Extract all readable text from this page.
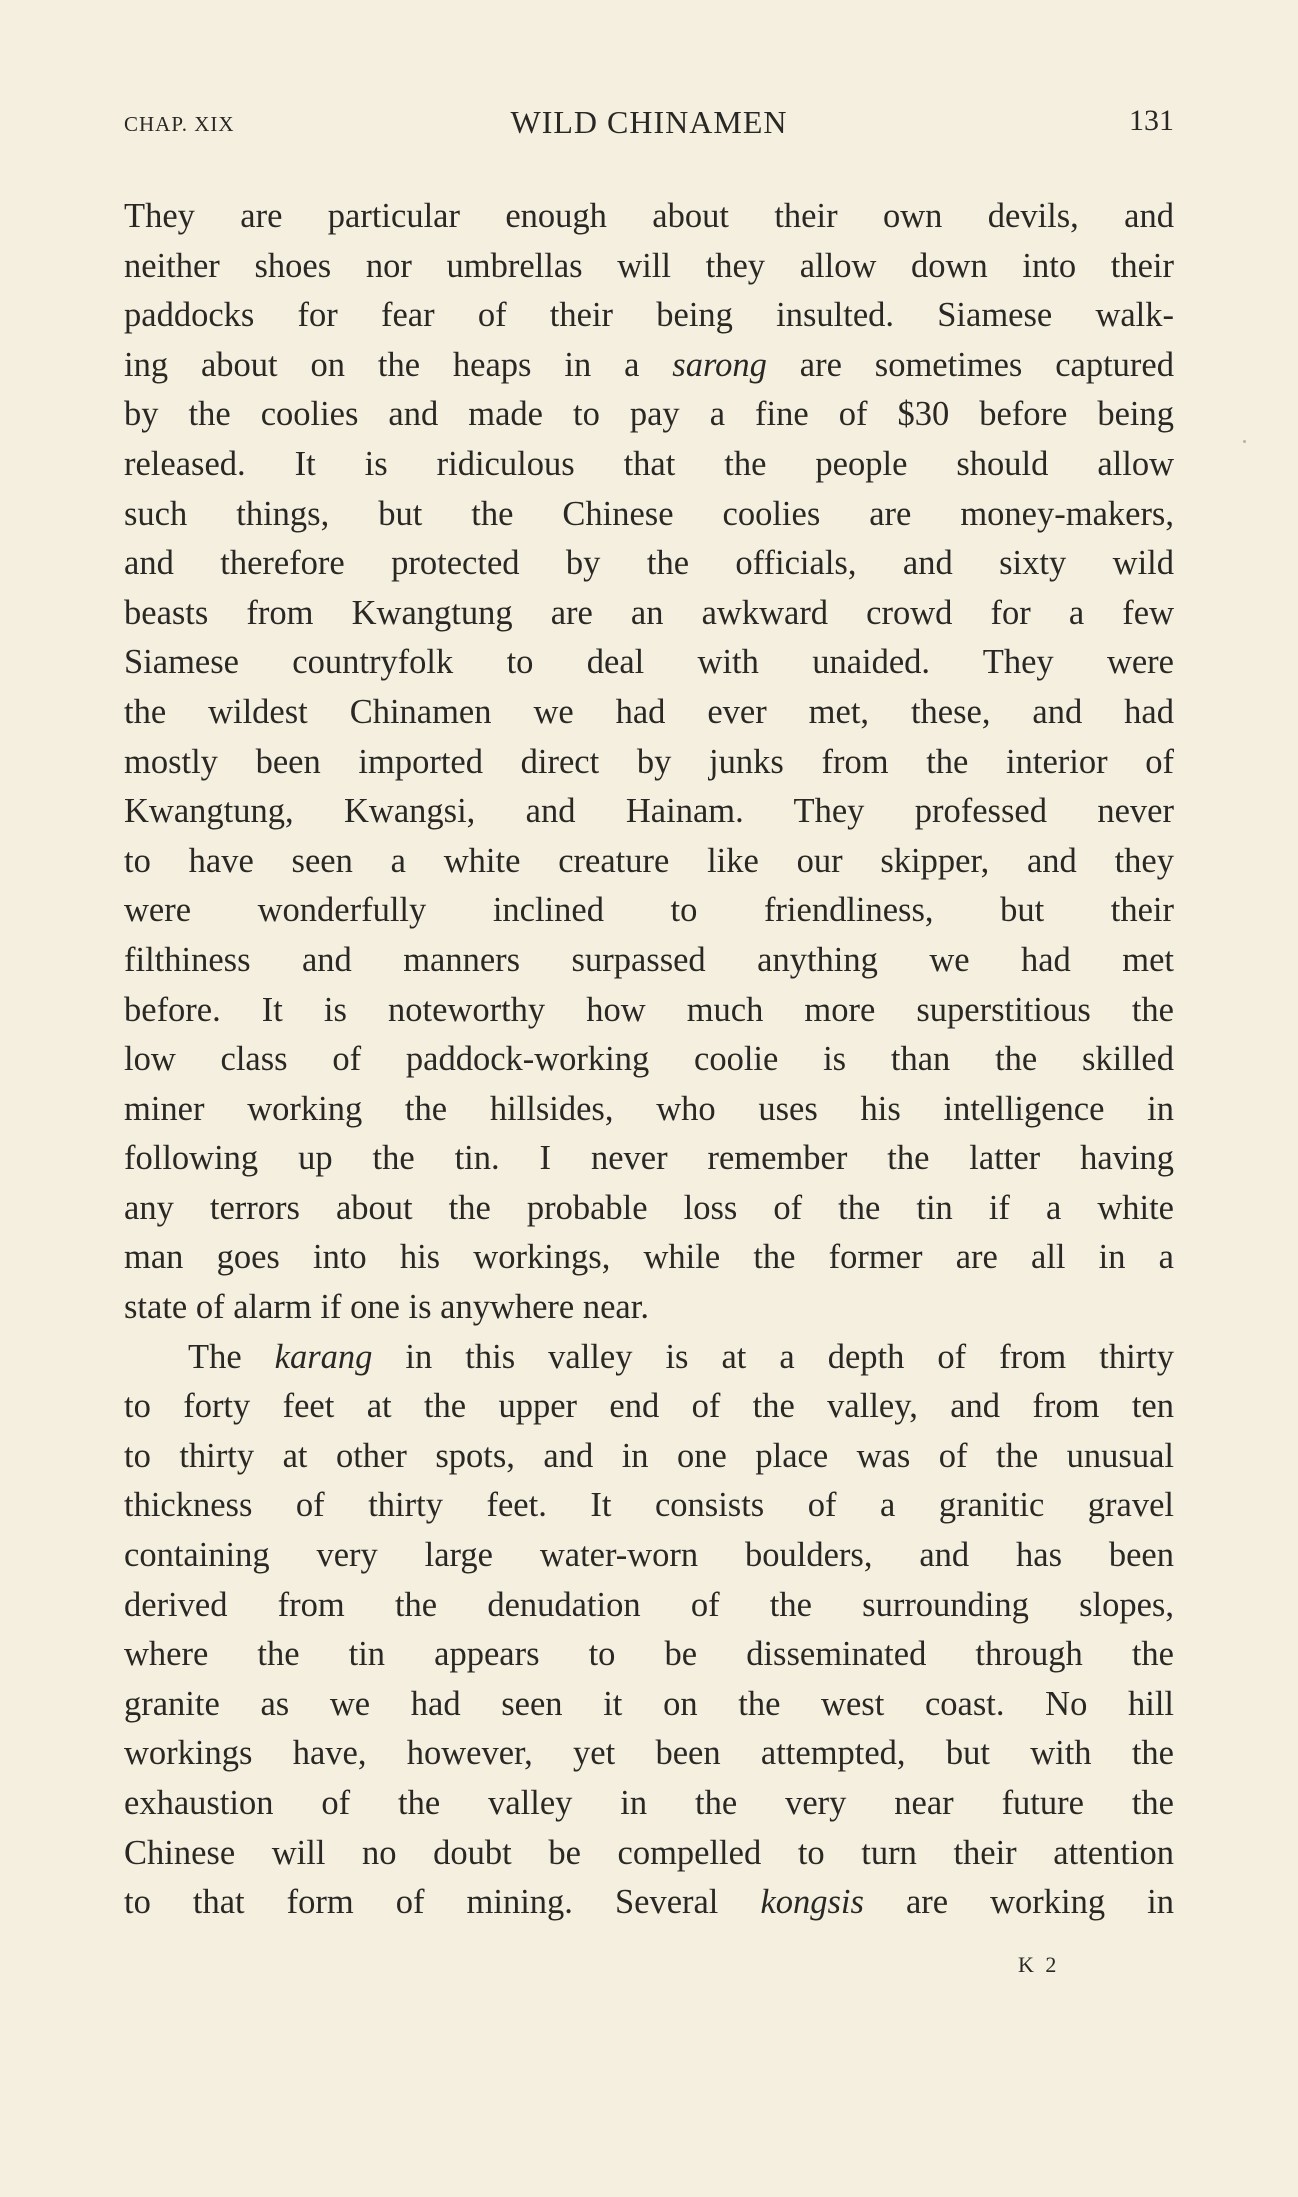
CHAP. XIX	WILD CHINAMEN	131
They are particular enough about their own devils, and
neither shoes nor umbrellas will they allow down into their
paddocks for fear of their being insulted. Siamese walk-
ing about on the heaps in a sarong are sometimes captured
by the coolies and made to pay a fine of $30 before being
released. It is ridiculous that the people should allow
such things, but the Chinese coolies are money-makers,
and therefore protected by the officials, and sixty wild
beasts from Kwangtung are an awkward crowd for a few
Siamese countryfolk to deal with unaided. They were
the wildest Chinamen we had ever met, these, and had
mostly been imported direct by junks from the interior of
Kwangtung, Kwangsi, and Hainam. They professed never
to have seen a white creature like our skipper, and they
were wonderfully inclined to friendliness, but their
filthiness and manners surpassed anything we had met
before. It is noteworthy how much more superstitious the
low class of paddock-working coolie is than the skilled
miner working the hillsides, who uses his intelligence in
following up the tin. I never remember the latter having
any terrors about the probable loss of the tin if a white
man goes into his workings, while the former are all in a
state of alarm if one is anywhere near.
The karang in this valley is at a depth of from thirty
to forty feet at the upper end of the valley, and from ten
to thirty at other spots, and in one place was of the unusual
thickness of thirty feet. It consists of a granitic gravel
containing very large water-worn boulders, and has been
derived from the denudation of the surrounding slopes,
where the tin appears to be disseminated through the
granite as we had seen it on the west coast. No hill
workings have, however, yet been attempted, but with the
exhaustion of the valley in the very near future the
Chinese will no doubt be compelled to turn their attention
to that form of mining. Several kongsis are working in
K 2
